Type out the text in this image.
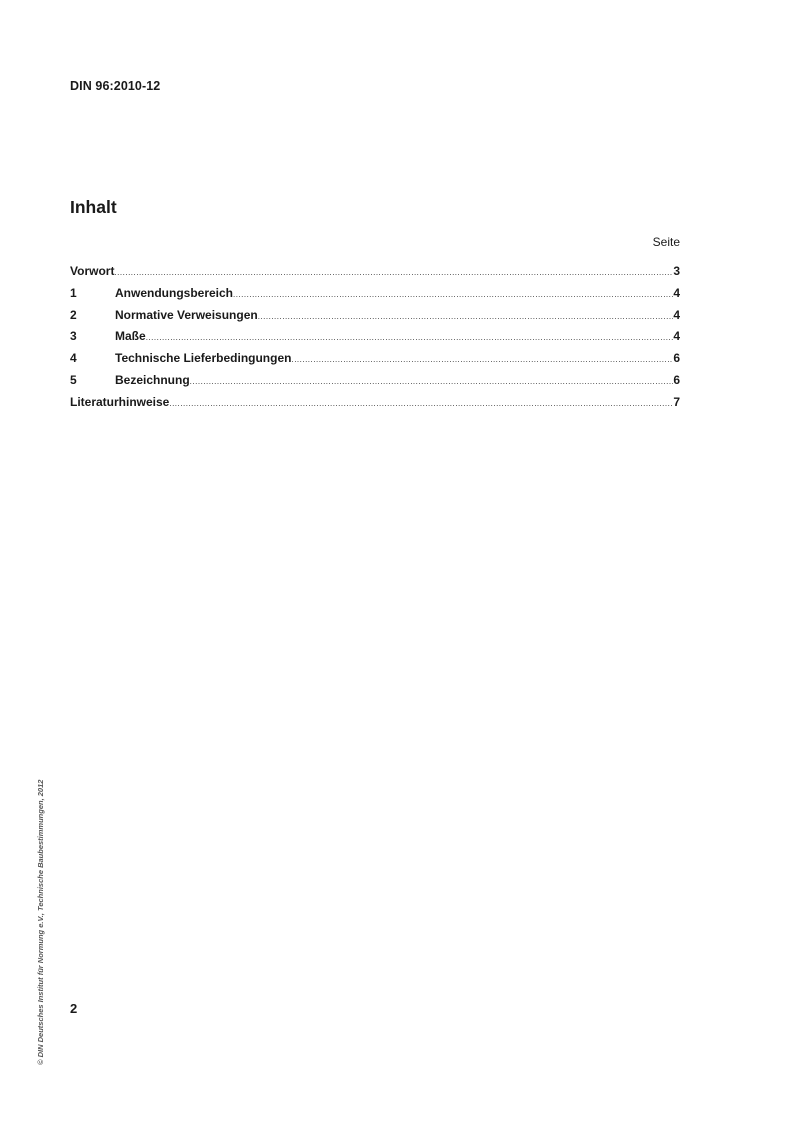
DIN 96:2010-12
Inhalt
Seite
Vorwort .....	3
1	Anwendungsbereich .....	4
2	Normative Verweisungen .....	4
3	Maße .....	4
4	Technische Lieferbedingungen .....	6
5	Bezeichnung .....	6
Literaturhinweise .....	7
2
© DIN Deutsches Institut für Normung e.V., Technische Baubestimmungen, 2012
